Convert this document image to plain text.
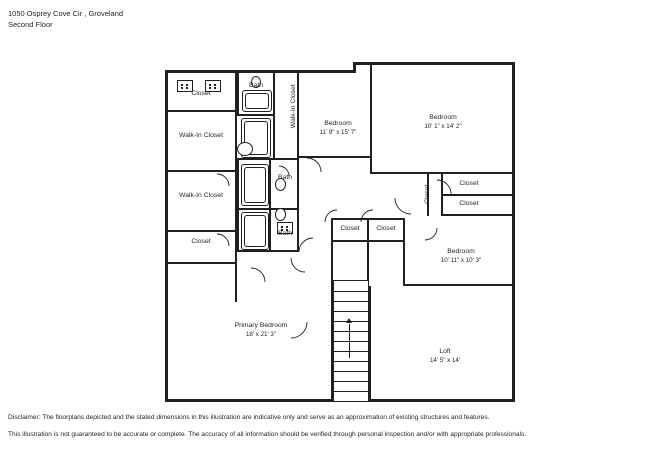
1050 Osprey Cove Cir , Groveland
Second Floor
Closet
Bath	Walk-In Closet
Walk-In Closet
Walk-In Closet
Closet
Bedroom
11' 9" x 15' 7"
Bedroom
10' 1" x 14' 2"
Bath
Bath
Closet	Closet
Closet
Closet
Closet
Bedroom
10' 11" x 10' 3"
Primary Bedroom
18' x 21' 3"
Loft
14' 5" x 14'

Disclaimer: The floorplans depicted and the stated dimensions in this illustration are indicative only and serve as an approximation of existing structures and features.

This illustration is not guaranteed to be accurate or complete. The accuracy of all information should be verified through personal inspection and/or with appropriate professionals.
